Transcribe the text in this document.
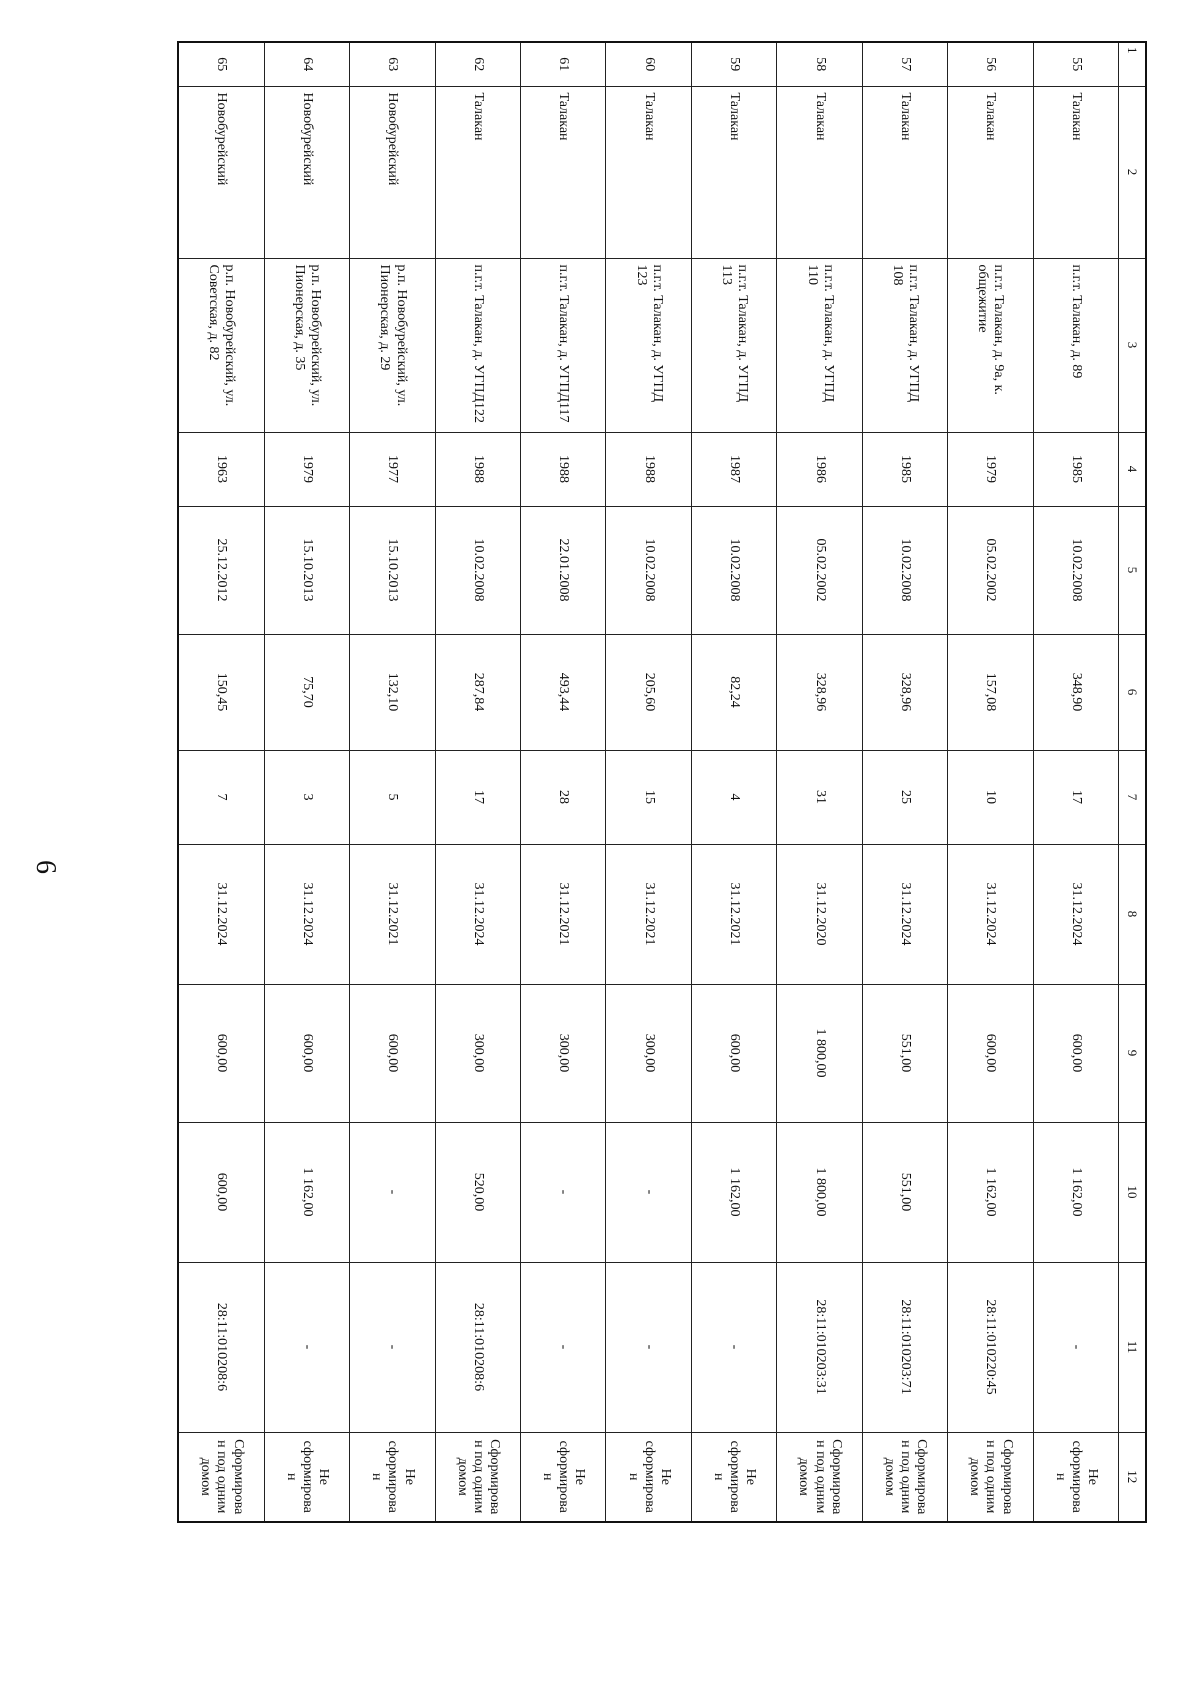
6
1	2	3	4	5	6	7	8	9	10	11	12
55	Талакан	п.г.т. Талакан, д. 89	1985	10.02.2008	348,90	17	31.12.2024	600,00	1 162,00	-	Не сформирован
56	Талакан	п.г.т. Талакан, д. 9а, к. общежитие	1979	05.02.2002	157,08	10	31.12.2024	600,00	1 162,00	28:11:010220:45	Сформирован под одним домом
57	Талакан	п.г.т. Талакан, д. УГПД 108	1985	10.02.2008	328,96	25	31.12.2024	551,00	551,00	28:11:010203:71	Сформирован под одним домом
58	Талакан	п.г.т. Талакан, д. УГПД 110	1986	05.02.2002	328,96	31	31.12.2020	1 800,00	1 800,00	28:11:010203:31	Сформирован под одним домом
59	Талакан	п.г.т. Талакан, д. УГПД 113	1987	10.02.2008	82,24	4	31.12.2021	600,00	1 162,00	-	Не сформирован
60	Талакан	п.г.т. Талакан, д. УГПД 123	1988	10.02.2008	205,60	15	31.12.2021	300,00	-	-	Не сформирован
61	Талакан	п.г.т. Талакан, д. УГПД117	1988	22.01.2008	493,44	28	31.12.2021	300,00	-	-	Не сформирован
62	Талакан	п.г.т. Талакан, д. УГПД122	1988	10.02.2008	287,84	17	31.12.2024	300,00	520,00	28:11:010208:6	Сформирован под одним домом
63	Новобурейский	р.п. Новобурейский, ул. Пионерская, д. 29	1977	15.10.2013	132,10	5	31.12.2021	600,00	-	-	Не сформирован
64	Новобурейский	р.п. Новобурейский, ул. Пионерская, д. 35	1979	15.10.2013	75,70	3	31.12.2024	600,00	1 162,00	-	Не сформирован
65	Новобурейский	р.п. Новобурейский, ул. Советская, д. 82	1963	25.12.2012	150,45	7	31.12.2024	600,00	600,00	28:11:010208:6	Сформирован под одним домом
